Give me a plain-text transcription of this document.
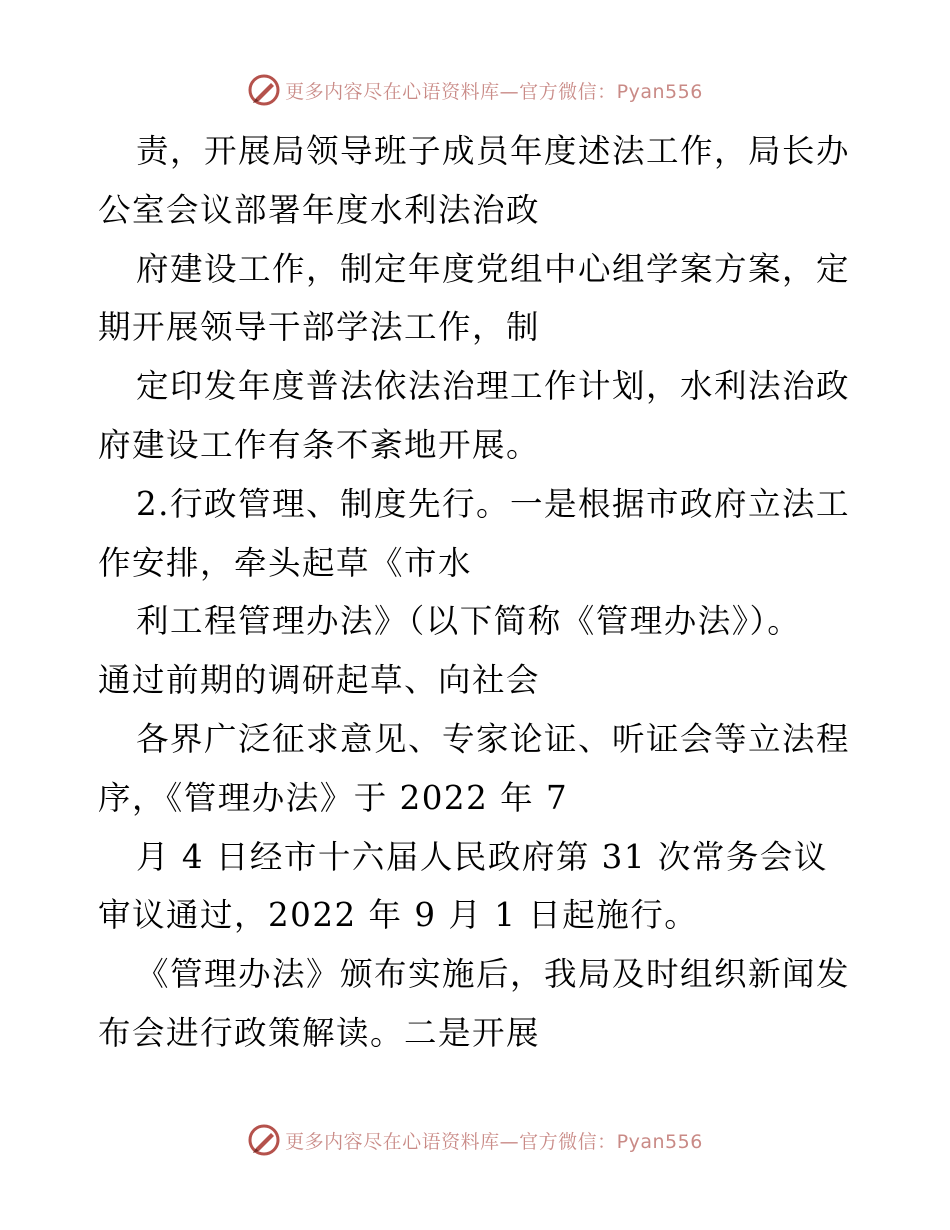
更多内容尽在心语资料库—官方微信：Pyan556
责，开展局领导班子成员年度述法工作，局长办
公室会议部署年度水利法治政
府建设工作，制定年度党组中心组学案方案，定
期开展领导干部学法工作，制
定印发年度普法依法治理工作计划，水利法治政
府建设工作有条不紊地开展。
2.行政管理、制度先行。一是根据市政府立法工
作安排，牵头起草《市水
利工程管理办法》（以下简称《管理办法》）。
通过前期的调研起草、向社会
各界广泛征求意见、专家论证、听证会等立法程
序，《管理办法》于 2022 年 7
月 4 日经市十六届人民政府第 31 次常务会议
审议通过，2022 年 9 月 1 日起施行。
《管理办法》颁布实施后，我局及时组织新闻发
布会进行政策解读。二是开展
更多内容尽在心语资料库—官方微信：Pyan556
